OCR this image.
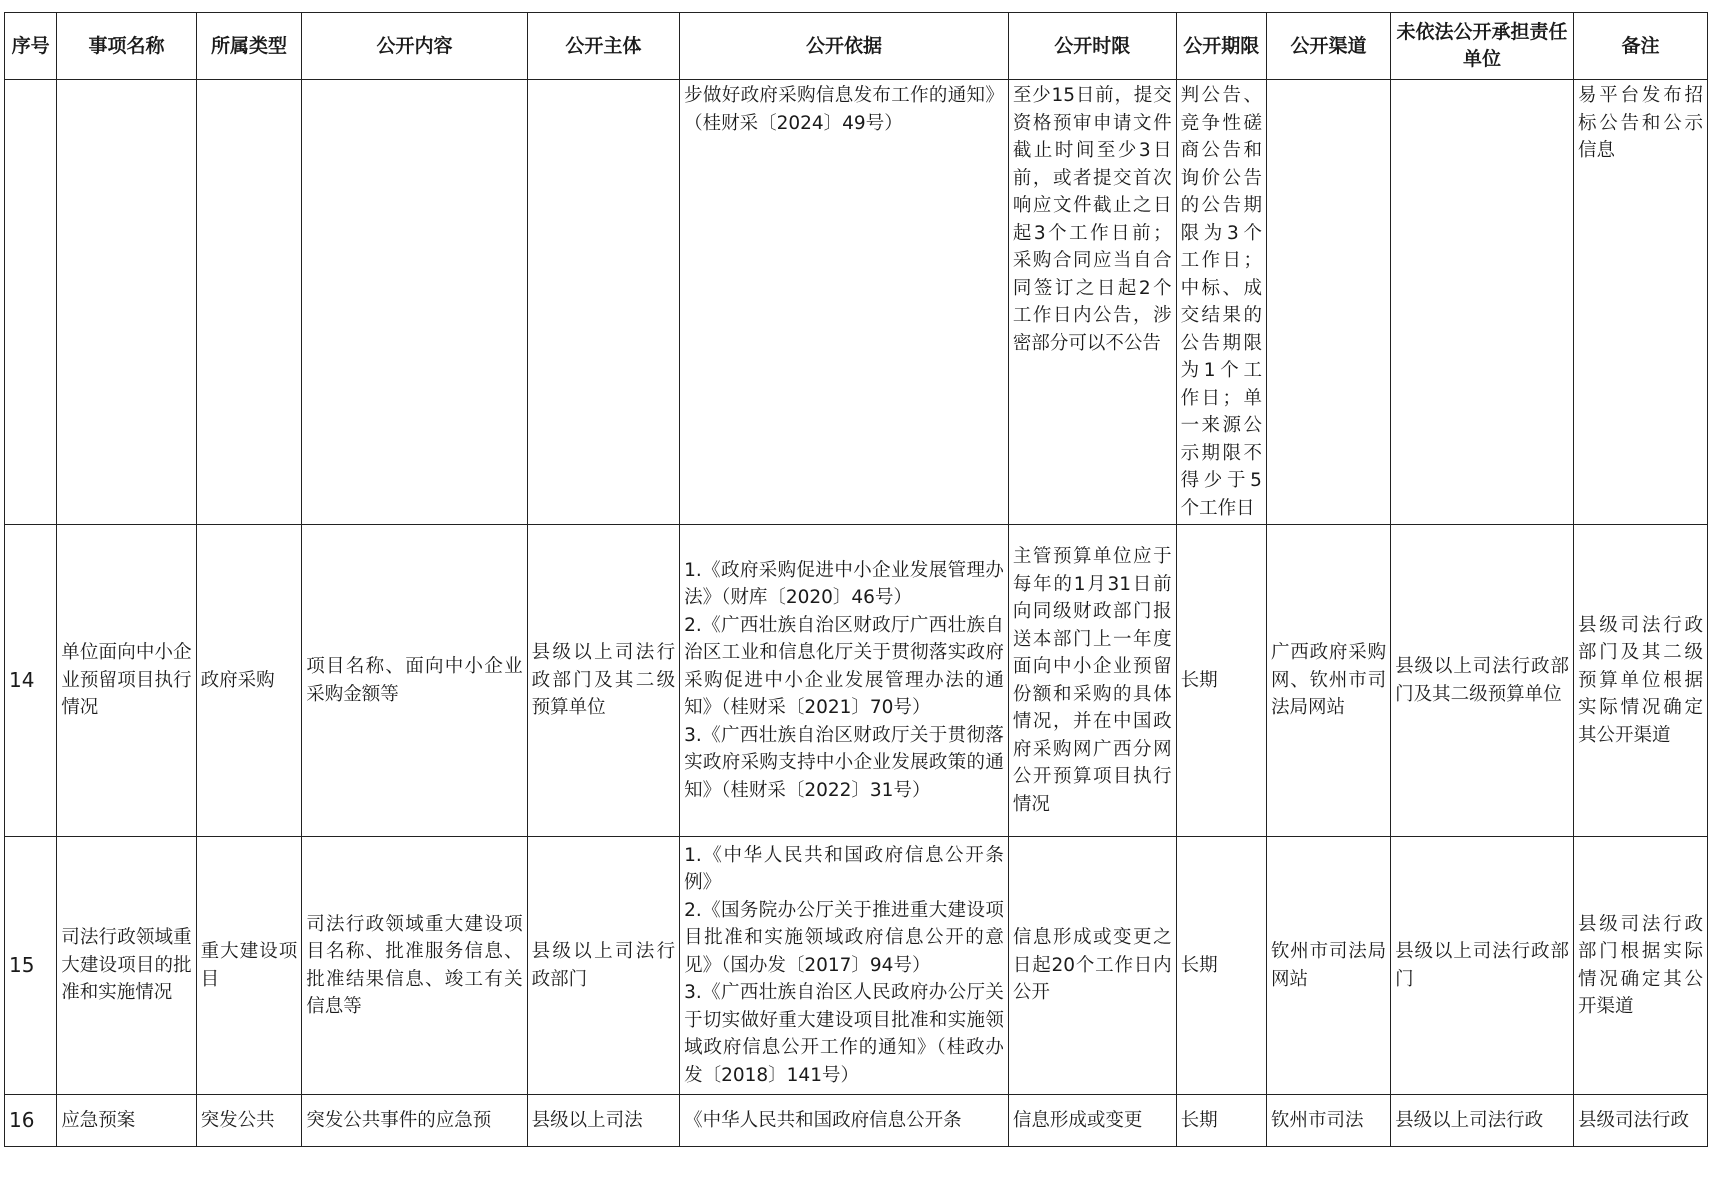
序号	事项名称	所属类型	公开内容	公开主体	公开依据	公开时限	公开期限	公开渠道	未依法公开承担责任单位	备注
					步做好政府采购信息发布工作的通知》（桂财采〔2024〕49号）	至少15日前，提交资格预审申请文件截止时间至少3日前，或者提交首次响应文件截止之日起3个工作日前；采购合同应当自合同签订之日起2个工作日内公告，涉密部分可以不公告	判公告、竞争性磋商公告和询价公告的公告期限为3个工作日；中标、成交结果的公告期限为1个工作日；单一来源公示期限不得少于5个工作日			易平台发布招标公告和公示信息
14	单位面向中小企业预留项目执行情况	政府采购	项目名称、面向中小企业采购金额等	县级以上司法行政部门及其二级预算单位	1.《政府采购促进中小企业发展管理办法》（财库〔2020〕46号）
2.《广西壮族自治区财政厅广西壮族自治区工业和信息化厅关于贯彻落实政府采购促进中小企业发展管理办法的通知》（桂财采〔2021〕70号）
3.《广西壮族自治区财政厅关于贯彻落实政府采购支持中小企业发展政策的通知》（桂财采〔2022〕31号）	主管预算单位应于每年的1月31日前向同级财政部门报送本部门上一年度面向中小企业预留份额和采购的具体情况，并在中国政府采购网广西分网公开预算项目执行情况	长期	广西政府采购网、钦州市司法局网站	县级以上司法行政部门及其二级预算单位	县级司法行政部门及其二级预算单位根据实际情况确定其公开渠道
15	司法行政领域重大建设项目的批准和实施情况	重大建设项目	司法行政领域重大建设项目名称、批准服务信息、批准结果信息、竣工有关信息等	县级以上司法行政部门	1.《中华人民共和国政府信息公开条例》
2.《国务院办公厅关于推进重大建设项目批准和实施领域政府信息公开的意见》（国办发〔2017〕94号）
3.《广西壮族自治区人民政府办公厅关于切实做好重大建设项目批准和实施领域政府信息公开工作的通知》（桂政办发〔2018〕141号）	信息形成或变更之日起20个工作日内公开	长期	钦州市司法局网站	县级以上司法行政部门	县级司法行政部门根据实际情况确定其公开渠道
16	应急预案	突发公共	突发公共事件的应急预	县级以上司法	《中华人民共和国政府信息公开条	信息形成或变更	长期	钦州市司法	县级以上司法行政	县级司法行政
